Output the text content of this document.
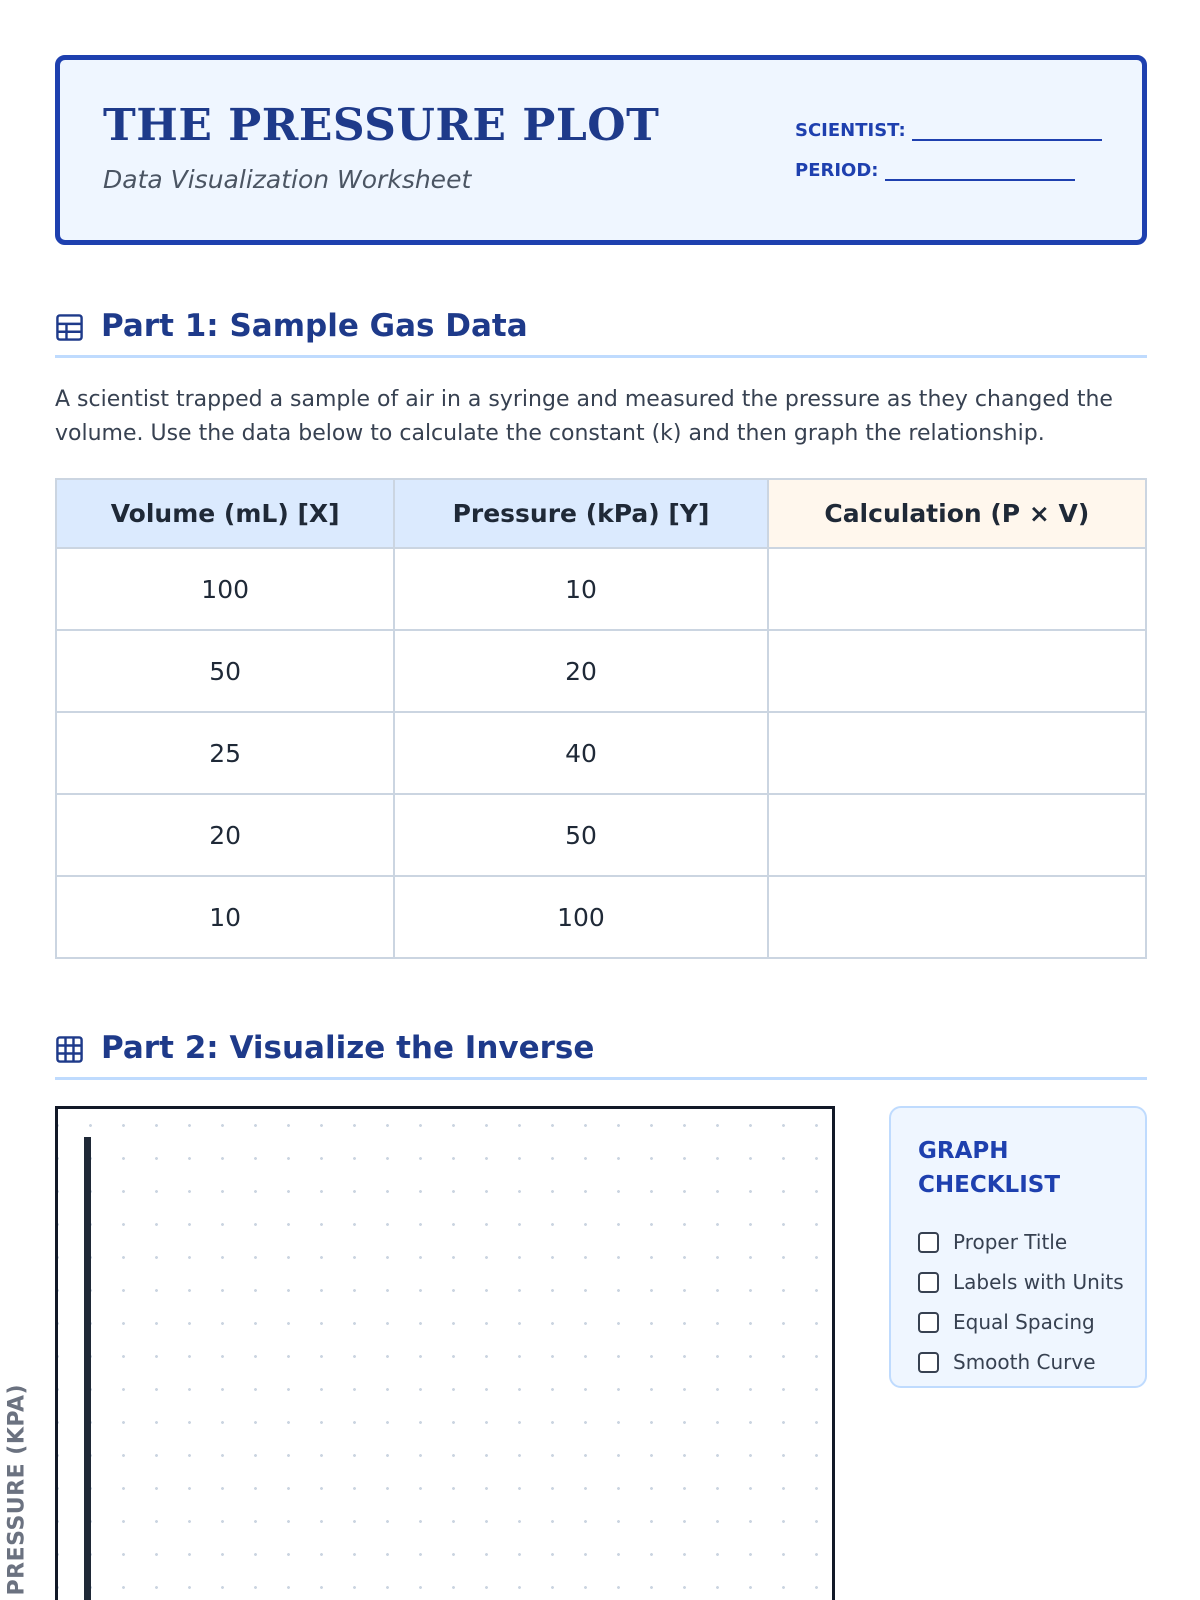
THE PRESSURE PLOT
Data Visualization Worksheet
SCIENTIST:
PERIOD:
Part 1: Sample Gas Data

A scientist trapped a sample of air in a syringe and measured the pressure as they changed the volume. Use the data below to calculate the constant (k) and then graph the relationship.

Volume (mL) [X]	Pressure (kPa) [Y]	Calculation (P × V)
100	10	
50	20	
25	40	
20	50	
10	100	
Part 2: Visualize the Inverse
PRESSURE (KPA)
GRAPH CHECKLIST
Proper Title
Labels with Units
Equal Spacing
Smooth Curve
